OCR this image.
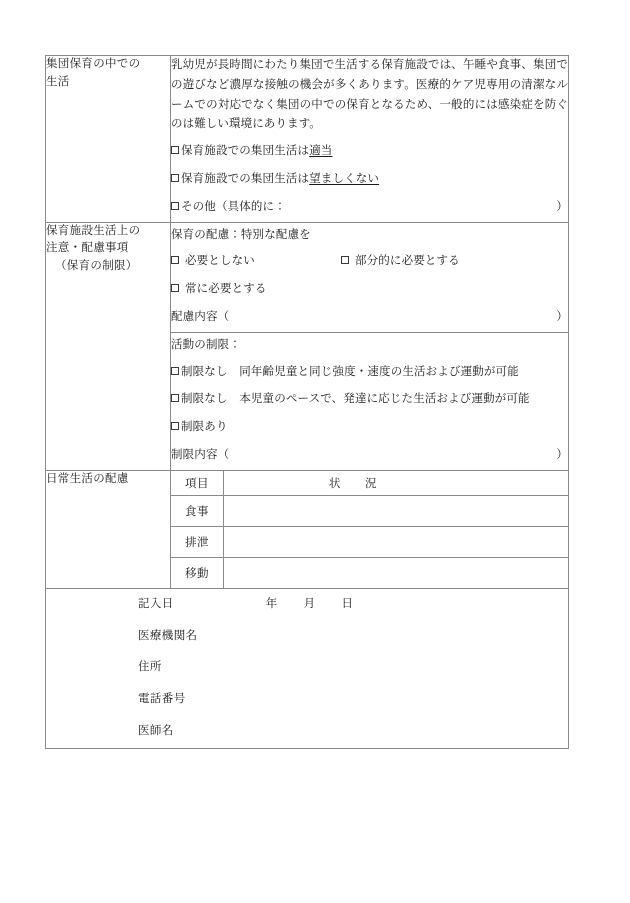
集団保育の中での
生活

乳幼児が長時間にわたり集団で生活する保育施設では、午睡や食事、集団での遊びなど濃厚な接触の機会が多くあります。医療的ケア児専用の清潔なルームでの対応でなく集団の中での保育となるため、一般的には感染症を防ぐのは難しい環境にあります。

保育施設での集団生活は適当
保育施設での集団生活は望ましくない
その他（具体的に：	）

保育施設生活上の
注意・配慮事項
（保育の制限）

保育の配慮：特別な配慮を
必要としない	部分的に必要とする
常に必要とする
配慮内容（	）

活動の制限：
制限なし　同年齢児童と同じ強度・速度の生活および運動が可能
制限なし　本児童のペースで、発達に応じた生活および運動が可能
制限あり
制限内容（	）

日常生活の配慮
		項目	状　　況
食事	
排泄	
移動	

記入日	年 月 日
医療機関名
住所
電話番号
医師名
